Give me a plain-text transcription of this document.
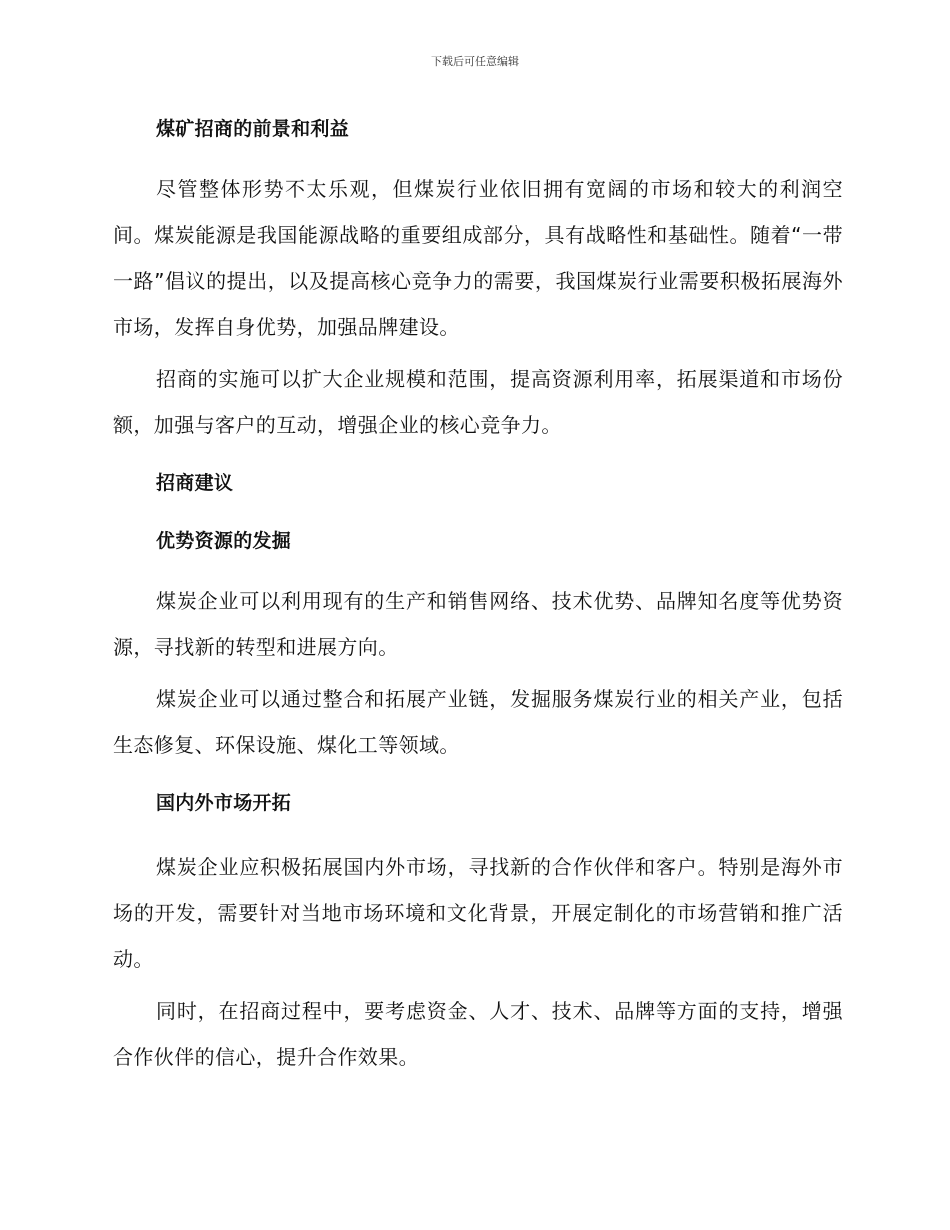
下载后可任意编辑
煤矿招商的前景和利益

尽管整体形势不太乐观，但煤炭行业依旧拥有宽阔的市场和较大的利润空间。煤炭能源是我国能源战略的重要组成部分，具有战略性和基础性。随着“一带一路”倡议的提出，以及提高核心竞争力的需要，我国煤炭行业需要积极拓展海外市场，发挥自身优势，加强品牌建设。

招商的实施可以扩大企业规模和范围，提高资源利用率，拓展渠道和市场份额，加强与客户的互动，增强企业的核心竞争力。

招商建议
优势资源的发掘

煤炭企业可以利用现有的生产和销售网络、技术优势、品牌知名度等优势资源，寻找新的转型和进展方向。

煤炭企业可以通过整合和拓展产业链，发掘服务煤炭行业的相关产业，包括生态修复、环保设施、煤化工等领域。

国内外市场开拓

煤炭企业应积极拓展国内外市场，寻找新的合作伙伴和客户。特别是海外市场的开发，需要针对当地市场环境和文化背景，开展定制化的市场营销和推广活动。

同时，在招商过程中，要考虑资金、人才、技术、品牌等方面的支持，增强合作伙伴的信心，提升合作效果。
